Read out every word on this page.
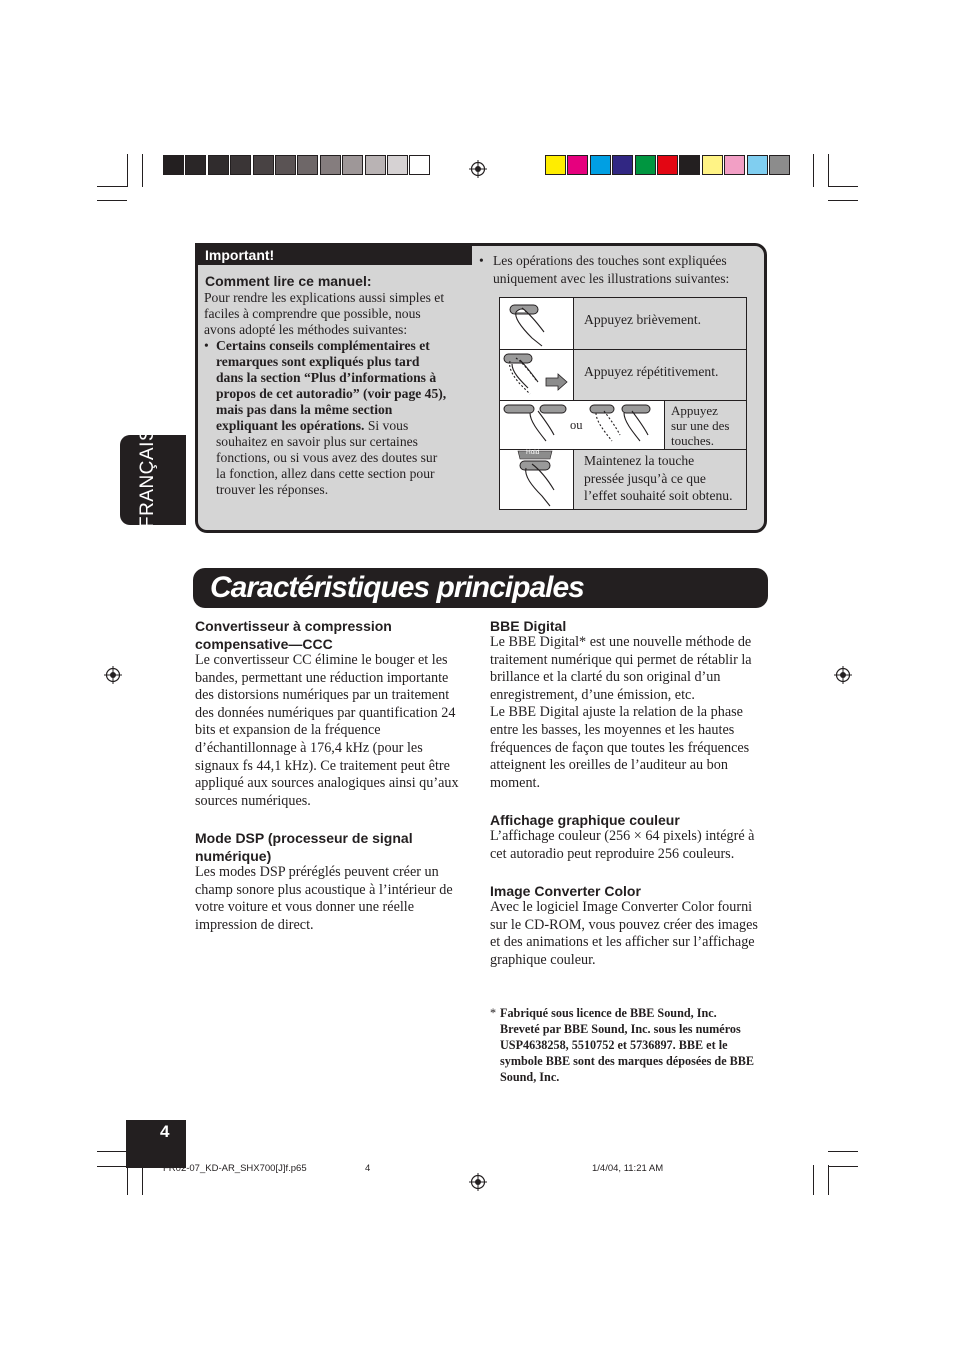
Important!
Comment lire ce manuel:
Pour rendre les explications aussi simples et
faciles à comprendre que possible, nous
avons adopté les méthodes suivantes:
• Certains conseils complémentaires et
remarques sont expliqués plus tard
dans la section “Plus d’informations à
propos de cet autoradio” (voir page 45),
mais pas dans la même section
expliquant les opérations. Si vous
souhaitez en savoir plus sur certaines
fonctions, ou si vous avez des doutes sur
la fonction, allez dans cette section pour
trouver les réponses.
• Les opérations des touches sont expliquées
uniquement avec les illustrations suivantes:
Appuyez brièvement.
Appuyez répétitivement.
ou
Appuyez
sur une des
touches.
Hold
Maintenez la touche
pressée jusqu’à ce que
l’effet souhaité soit obtenu.
FRANÇAIS
Caractéristiques principales
Convertisseur à compression
compensative—CCC
Le convertisseur CC élimine le bouger et les
bandes, permettant une réduction importante
des distorsions numériques par un traitement
des données numériques par quantification 24
bits et expansion de la fréquence
d’échantillonnage à 176,4 kHz (pour les
signaux fs 44,1 kHz). Ce traitement peut être
appliqué aux sources analogiques ainsi qu’aux
sources numériques.
Mode DSP (processeur de signal
numérique)
Les modes DSP préréglés peuvent créer un
champ sonore plus acoustique à l’intérieur de
votre voiture et vous donner une réelle
impression de direct.
BBE Digital
Le BBE Digital* est une nouvelle méthode de
traitement numérique qui permet de rétablir la
brillance et la clarté du son original d’un
enregistrement, d’une émission, etc.
Le BBE Digital ajuste la relation de la phase
entre les basses, les moyennes et les hautes
fréquences de façon que toutes les fréquences
atteignent les oreilles de l’auditeur au bon
moment.
Affichage graphique couleur
L’affichage couleur (256 × 64 pixels) intégré à
cet autoradio peut reproduire 256 couleurs.
Image Converter Color
Avec le logiciel Image Converter Color fourni
sur le CD-ROM, vous pouvez créer des images
et des animations et les afficher sur l’affichage
graphique couleur.
* Fabriqué sous licence de BBE Sound, Inc.
Breveté par BBE Sound, Inc. sous les numéros
USP4638258, 5510752 et 5736897. BBE et le
symbole BBE sont des marques déposées de BBE
Sound, Inc.
4
FR02-07_KD-AR_SHX700[J]f.p65	4	1/4/04, 11:21 AM
